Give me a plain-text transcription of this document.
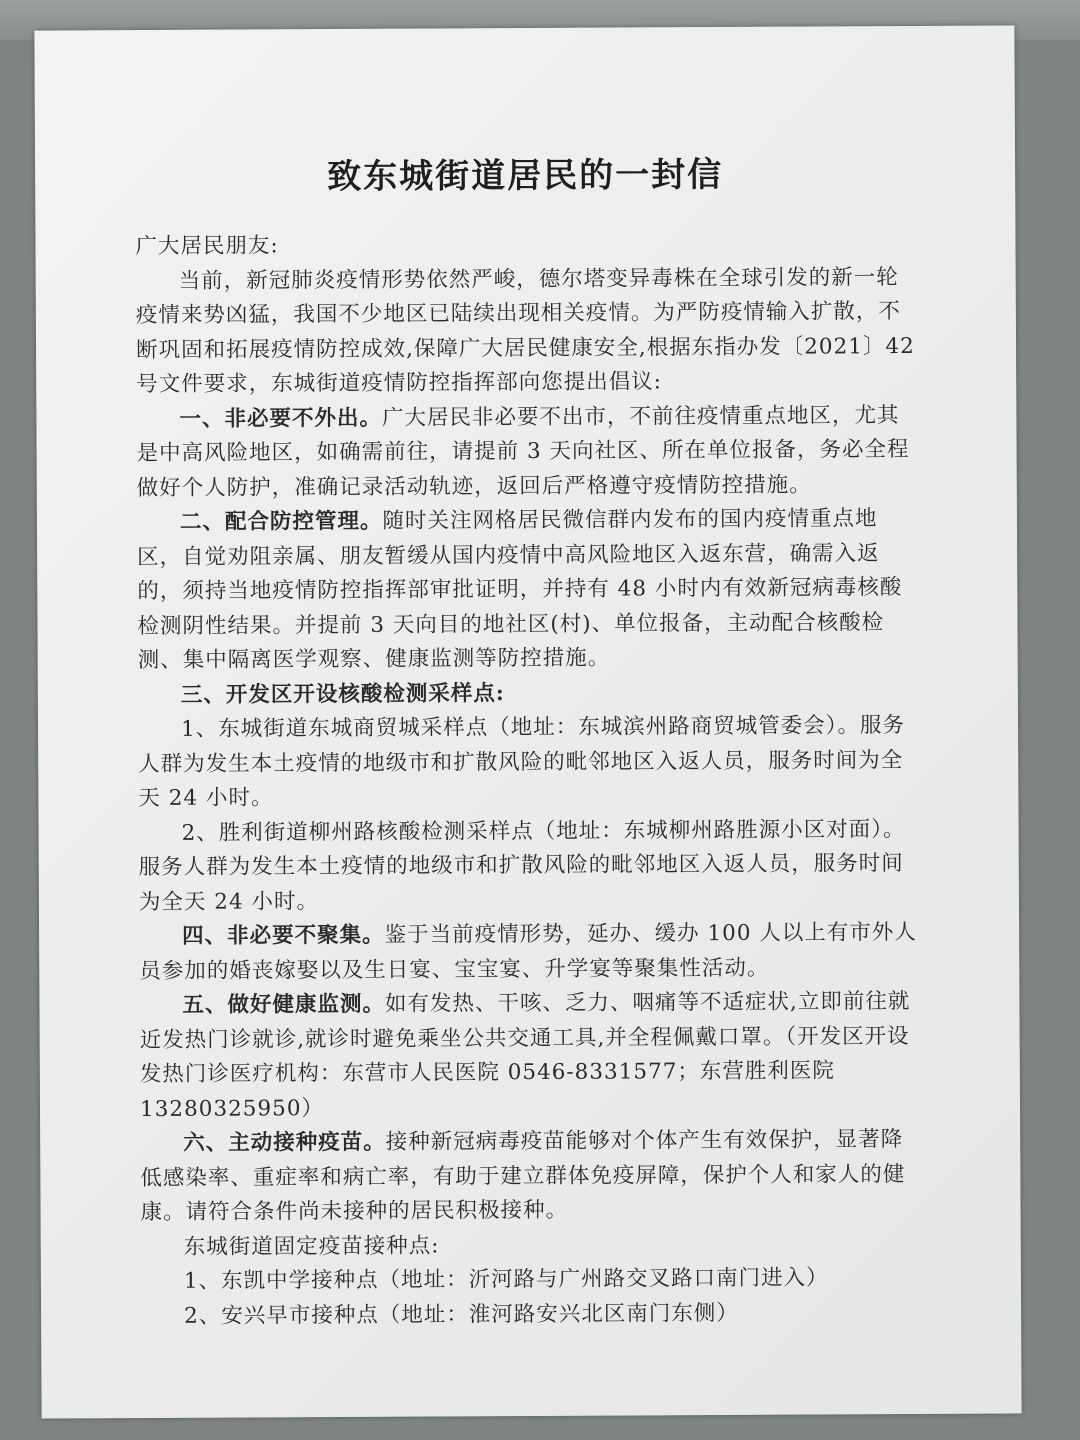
致东城街道居民的一封信
广大居民朋友:
当前，新冠肺炎疫情形势依然严峻，德尔塔变异毒株在全球引发的新一轮疫情来势凶猛，我国不少地区已陆续出现相关疫情。为严防疫情输入扩散，不断巩固和拓展疫情防控成效,保障广大居民健康安全,根据东指办发〔2021〕42号文件要求，东城街道疫情防控指挥部向您提出倡议:
一、非必要不外出。广大居民非必要不出市，不前往疫情重点地区，尤其是中高风险地区，如确需前往，请提前 3 天向社区、所在单位报备，务必全程做好个人防护，准确记录活动轨迹，返回后严格遵守疫情防控措施。
二、配合防控管理。随时关注网格居民微信群内发布的国内疫情重点地区，自觉劝阻亲属、朋友暂缓从国内疫情中高风险地区入返东营，确需入返的，须持当地疫情防控指挥部审批证明，并持有 48 小时内有效新冠病毒核酸检测阴性结果。并提前 3 天向目的地社区(村)、单位报备，主动配合核酸检测、集中隔离医学观察、健康监测等防控措施。
三、开发区开设核酸检测采样点:
1、东城街道东城商贸城采样点（地址：东城滨州路商贸城管委会）。服务人群为发生本土疫情的地级市和扩散风险的毗邻地区入返人员，服务时间为全天 24 小时。
2、胜利街道柳州路核酸检测采样点（地址：东城柳州路胜源小区对面）。服务人群为发生本土疫情的地级市和扩散风险的毗邻地区入返人员，服务时间为全天 24 小时。
四、非必要不聚集。鉴于当前疫情形势，延办、缓办 100 人以上有市外人员参加的婚丧嫁娶以及生日宴、宝宝宴、升学宴等聚集性活动。
五、做好健康监测。如有发热、干咳、乏力、咽痛等不适症状,立即前往就近发热门诊就诊,就诊时避免乘坐公共交通工具,并全程佩戴口罩。（开发区开设发热门诊医疗机构：东营市人民医院 0546-8331577；东营胜利医院13280325950）
六、主动接种疫苗。接种新冠病毒疫苗能够对个体产生有效保护，显著降低感染率、重症率和病亡率，有助于建立群体免疫屏障，保护个人和家人的健康。请符合条件尚未接种的居民积极接种。
东城街道固定疫苗接种点:
1、东凯中学接种点（地址：沂河路与广州路交叉路口南门进入）
2、安兴早市接种点（地址：淮河路安兴北区南门东侧）
